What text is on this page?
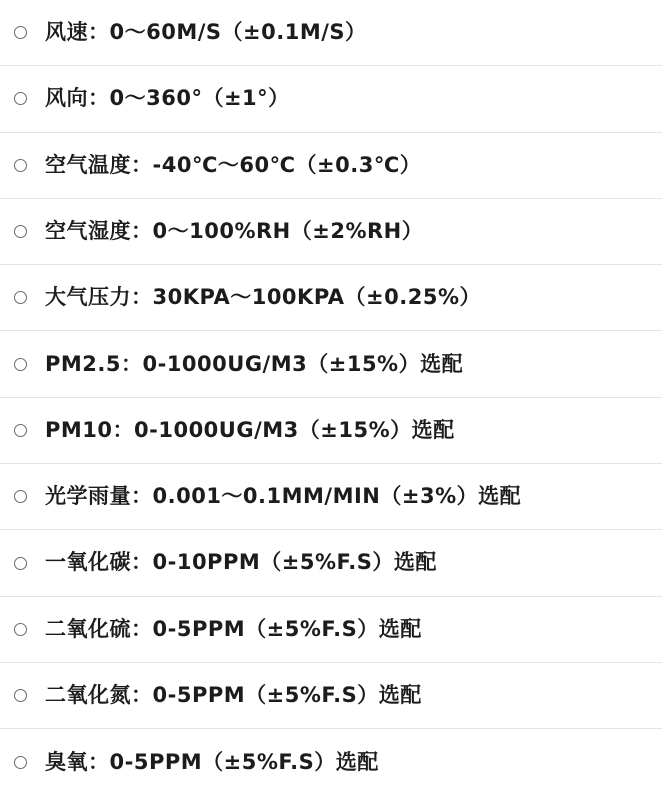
风速：0～60M/S（±0.1M/S）
风向：0～360°（±1°）
空气温度：-40℃～60℃（±0.3℃）
空气湿度：0～100%RH（±2%RH）
大气压力：30KPA～100KPA（±0.25%）
PM2.5：0-1000UG/M3（±15%）选配
PM10：0-1000UG/M3（±15%）选配
光学雨量：0.001～0.1MM/MIN（±3%）选配
一氧化碳：0-10PPM（±5%F.S）选配
二氧化硫：0-5PPM（±5%F.S）选配
二氧化氮：0-5PPM（±5%F.S）选配
臭氧：0-5PPM（±5%F.S）选配
